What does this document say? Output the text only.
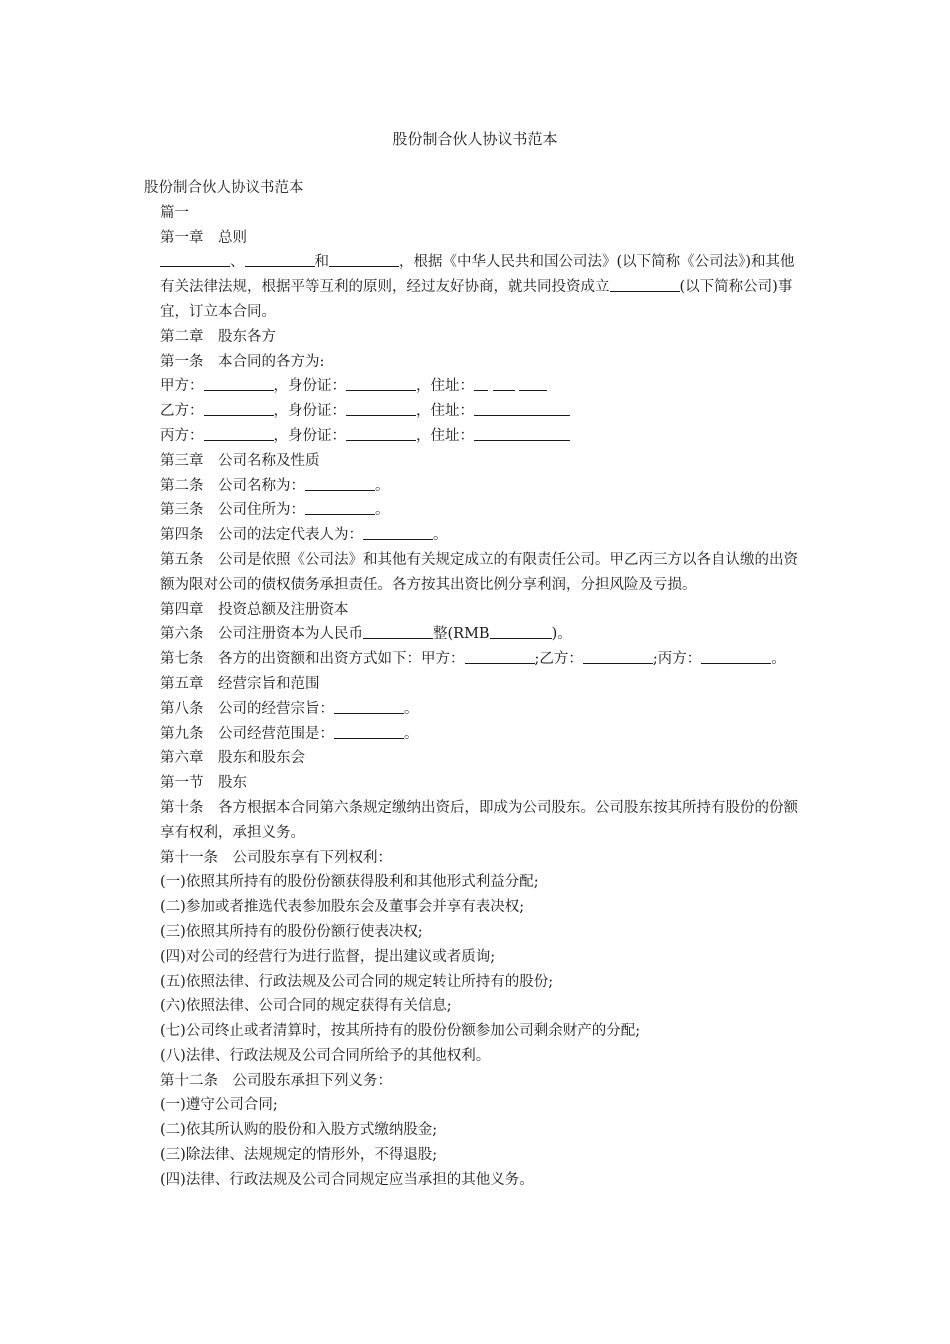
股份制合伙人协议书范本

股份制合伙人协议书范本

篇一

第一章　总则

、	和	，根据《中华人民共和国公司法》(以下简称《公司法》)和其他有关法律法规，根据平等互利的原则，经过友好协商，就共同投资成立	(以下简称公司)事宜，订立本合同。

第二章　股东各方

第一条　本合同的各方为:

甲方：	，身份证：	，住址：

乙方：	，身份证：	，住址：

丙方：	，身份证：	，住址：

第三章　公司名称及性质

第二条　公司名称为：	。

第三条　公司住所为：	。

第四条　公司的法定代表人为：	。

第五条　公司是依照《公司法》和其他有关规定成立的有限责任公司。甲乙丙三方以各自认缴的出资额为限对公司的债权债务承担责任。各方按其出资比例分享利润，分担风险及亏损。

第四章　投资总额及注册资本

第六条　公司注册资本为人民币	整(RMB	)。

第七条　各方的出资额和出资方式如下：甲方：	;乙方：	;丙方：	。

第五章　经营宗旨和范围

第八条　公司的经营宗旨：	。

第九条　公司经营范围是：	。

第六章　股东和股东会

第一节　股东

第十条　各方根据本合同第六条规定缴纳出资后，即成为公司股东。公司股东按其所持有股份的份额享有权利，承担义务。

第十一条　公司股东享有下列权利：

(一)依照其所持有的股份份额获得股利和其他形式利益分配;

(二)参加或者推选代表参加股东会及董事会并享有表决权;

(三)依照其所持有的股份份额行使表决权;

(四)对公司的经营行为进行监督，提出建议或者质询;

(五)依照法律、行政法规及公司合同的规定转让所持有的股份;

(六)依照法律、公司合同的规定获得有关信息;

(七)公司终止或者清算时，按其所持有的股份份额参加公司剩余财产的分配;

(八)法律、行政法规及公司合同所给予的其他权利。

第十二条　公司股东承担下列义务：

(一)遵守公司合同;

(二)依其所认购的股份和入股方式缴纳股金;

(三)除法律、法规规定的情形外，不得退股;

(四)法律、行政法规及公司合同规定应当承担的其他义务。
